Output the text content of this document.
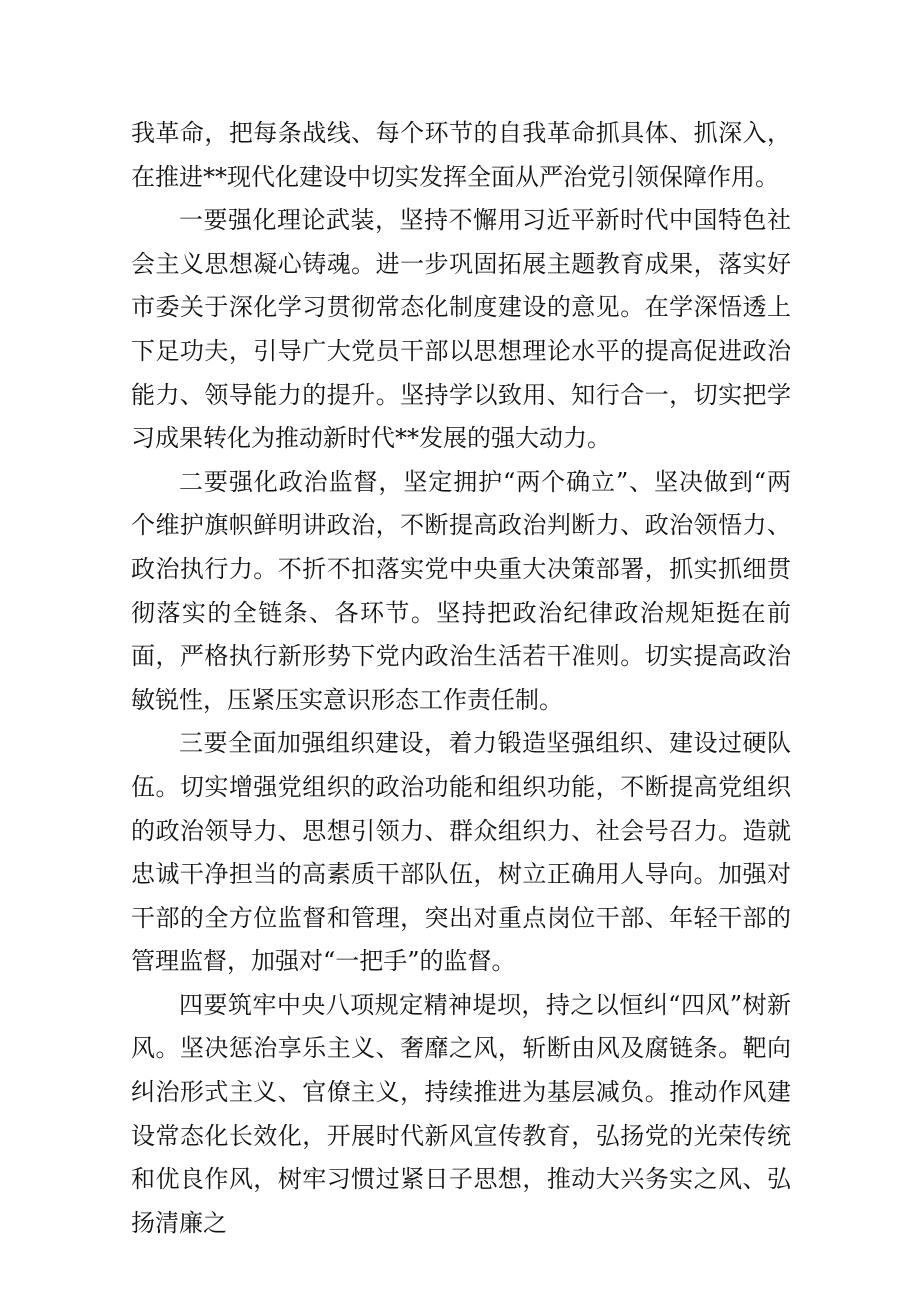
我革命，把每条战线、每个环节的自我革命抓具体、抓深入，在推进**现代化建设中切实发挥全面从严治党引领保障作用。

一要强化理论武装，坚持不懈用习近平新时代中国特色社会主义思想凝心铸魂。进一步巩固拓展主题教育成果，落实好市委关于深化学习贯彻常态化制度建设的意见。在学深悟透上下足功夫，引导广大党员干部以思想理论水平的提高促进政治能力、领导能力的提升。坚持学以致用、知行合一，切实把学习成果转化为推动新时代**发展的强大动力。

二要强化政治监督，坚定拥护“两个确立”、坚决做到“两个维护旗帜鲜明讲政治，不断提高政治判断力、政治领悟力、政治执行力。不折不扣落实党中央重大决策部署，抓实抓细贯彻落实的全链条、各环节。坚持把政治纪律政治规矩挺在前面，严格执行新形势下党内政治生活若干准则。切实提高政治敏锐性，压紧压实意识形态工作责任制。

三要全面加强组织建设，着力锻造坚强组织、建设过硬队伍。切实增强党组织的政治功能和组织功能，不断提高党组织的政治领导力、思想引领力、群众组织力、社会号召力。造就忠诚干净担当的高素质干部队伍，树立正确用人导向。加强对干部的全方位监督和管理，突出对重点岗位干部、年轻干部的管理监督，加强对“一把手”的监督。

四要筑牢中央八项规定精神堤坝，持之以恒纠“四风”树新风。坚决惩治享乐主义、奢靡之风，斩断由风及腐链条。靶向纠治形式主义、官僚主义，持续推进为基层减负。推动作风建设常态化长效化，开展时代新风宣传教育，弘扬党的光荣传统和优良作风，树牢习惯过紧日子思想，推动大兴务实之风、弘扬清廉之
